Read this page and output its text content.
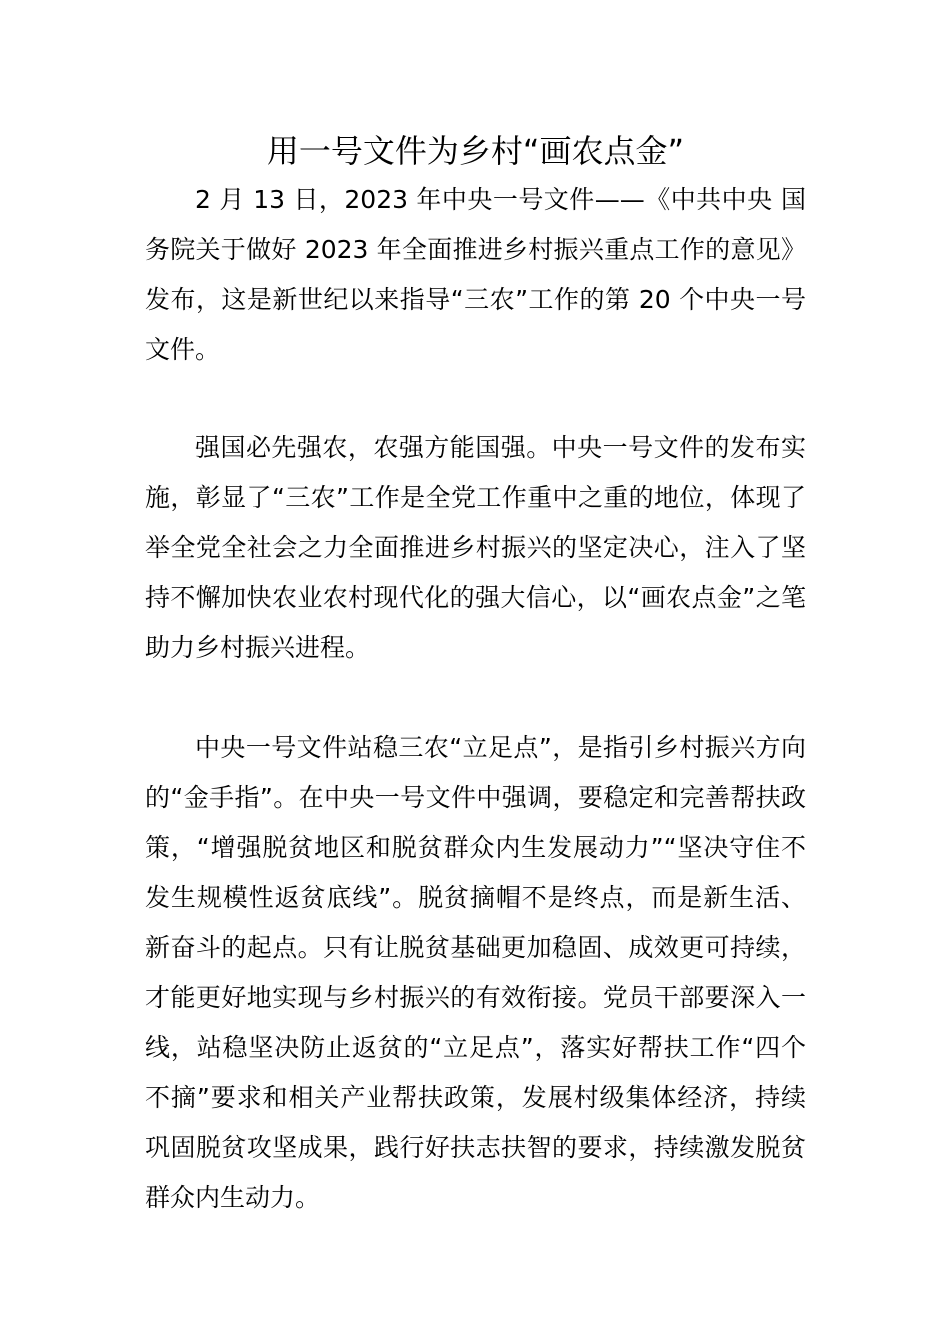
用一号文件为乡村“画农点金”

2 月 13 日，2023 年中央一号文件——《中共中央 国务院关于做好 2023 年全面推进乡村振兴重点工作的意见》发布，这是新世纪以来指导“三农”工作的第 20 个中央一号文件。

强国必先强农，农强方能国强。中央一号文件的发布实施，彰显了“三农”工作是全党工作重中之重的地位，体现了举全党全社会之力全面推进乡村振兴的坚定决心，注入了坚持不懈加快农业农村现代化的强大信心，以“画农点金”之笔助力乡村振兴进程。

中央一号文件站稳三农“立足点”，是指引乡村振兴方向的“金手指”。在中央一号文件中强调，要稳定和完善帮扶政策，“增强脱贫地区和脱贫群众内生发展动力”“坚决守住不发生规模性返贫底线”。脱贫摘帽不是终点，而是新生活、新奋斗的起点。只有让脱贫基础更加稳固、成效更可持续，才能更好地实现与乡村振兴的有效衔接。党员干部要深入一线，站稳坚决防止返贫的“立足点”，落实好帮扶工作“四个不摘”要求和相关产业帮扶政策，发展村级集体经济，持续巩固脱贫攻坚成果，践行好扶志扶智的要求，持续激发脱贫群众内生动力。
